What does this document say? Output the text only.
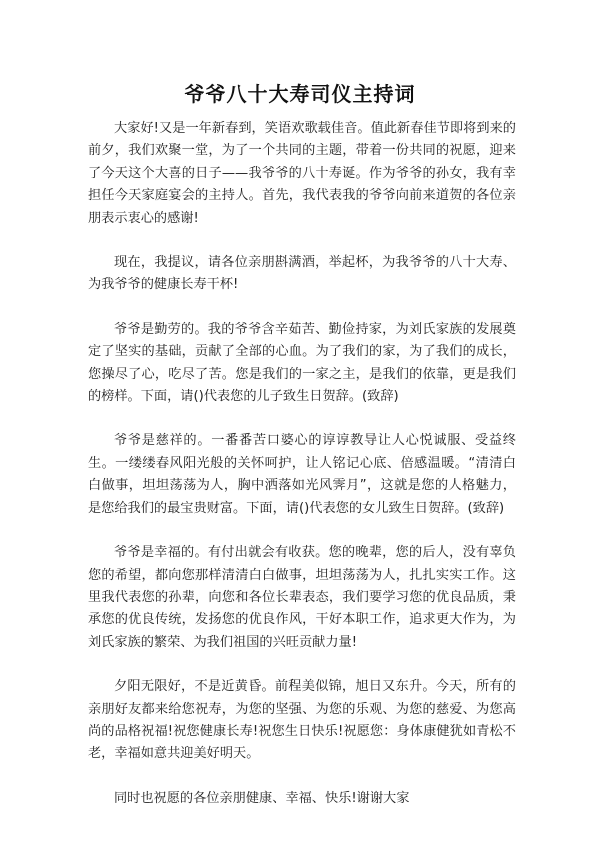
爷爷八十大寿司仪主持词

大家好!又是一年新春到，笑语欢歌载佳音。值此新春佳节即将到来的前夕，我们欢聚一堂，为了一个共同的主题，带着一份共同的祝愿，迎来了今天这个大喜的日子——我爷爷的八十寿诞。作为爷爷的孙女，我有幸担任今天家庭宴会的主持人。首先，我代表我的爷爷向前来道贺的各位亲朋表示衷心的感谢!

现在，我提议，请各位亲朋斟满酒，举起杯，为我爷爷的八十大寿、为我爷爷的健康长寿干杯!

爷爷是勤劳的。我的爷爷含辛茹苦、勤俭持家，为刘氏家族的发展奠定了坚实的基础，贡献了全部的心血。为了我们的家，为了我们的成长，您操尽了心，吃尽了苦。您是我们的一家之主，是我们的依靠，更是我们的榜样。下面，请()代表您的儿子致生日贺辞。(致辞)

爷爷是慈祥的。一番番苦口婆心的谆谆教导让人心悦诚服、受益终生。一缕缕春风阳光般的关怀呵护，让人铭记心底、倍感温暖。“清清白白做事，坦坦荡荡为人，胸中洒落如光风霁月”，这就是您的人格魅力，是您给我们的最宝贵财富。下面，请()代表您的女儿致生日贺辞。(致辞)

爷爷是幸福的。有付出就会有收获。您的晚辈，您的后人，没有辜负您的希望，都向您那样清清白白做事，坦坦荡荡为人，扎扎实实工作。这里我代表您的孙辈，向您和各位长辈表态，我们要学习您的优良品质，秉承您的优良传统，发扬您的优良作风，干好本职工作，追求更大作为，为刘氏家族的繁荣、为我们祖国的兴旺贡献力量!

夕阳无限好，不是近黄昏。前程美似锦，旭日又东升。今天，所有的亲朋好友都来给您祝寿，为您的坚强、为您的乐观、为您的慈爱、为您高尚的品格祝福!祝您健康长寿!祝您生日快乐!祝愿您：身体康健犹如青松不老，幸福如意共迎美好明天。

同时也祝愿的各位亲朋健康、幸福、快乐!谢谢大家
